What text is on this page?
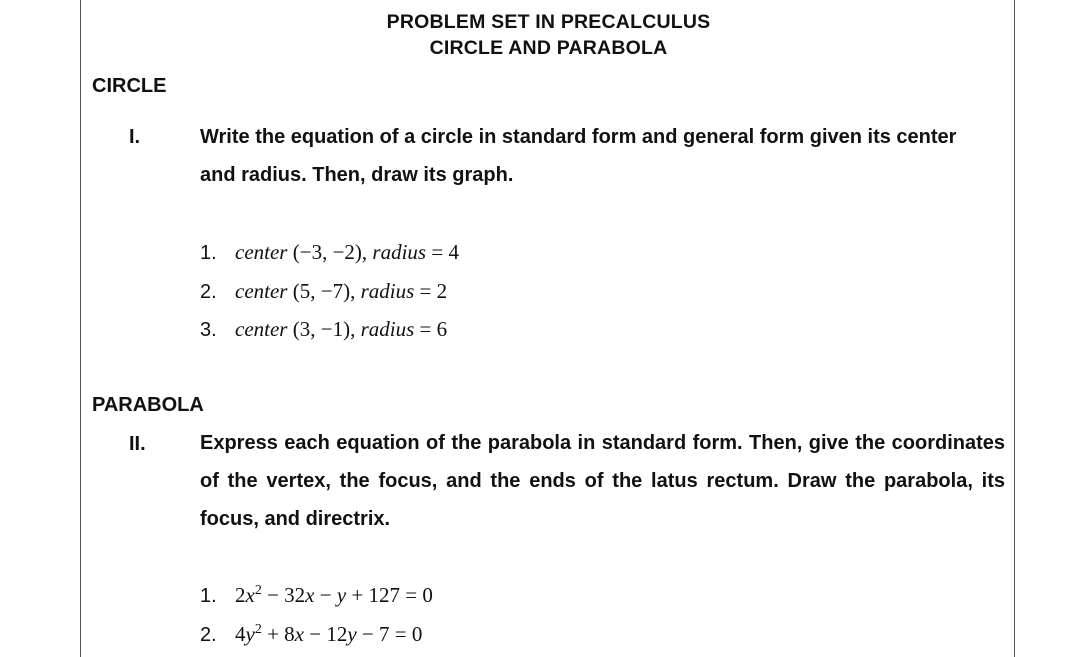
PROBLEM SET IN PRECALCULUS
CIRCLE AND PARABOLA
CIRCLE
I.	Write the equation of a circle in standard form and general form given its center and radius. Then, draw its graph.
1. center (−3, −2), radius = 4
2. center (5, −7), radius = 2
3. center (3, −1), radius = 6
PARABOLA
II.	Express each equation of the parabola in standard form. Then, give the coordinates of the vertex, the focus, and the ends of the latus rectum. Draw the parabola, its focus, and directrix.
1. $2x^2 - 32x - y + 127 = 0$
2. $4y^2 + 8x - 12y - 7 = 0$
